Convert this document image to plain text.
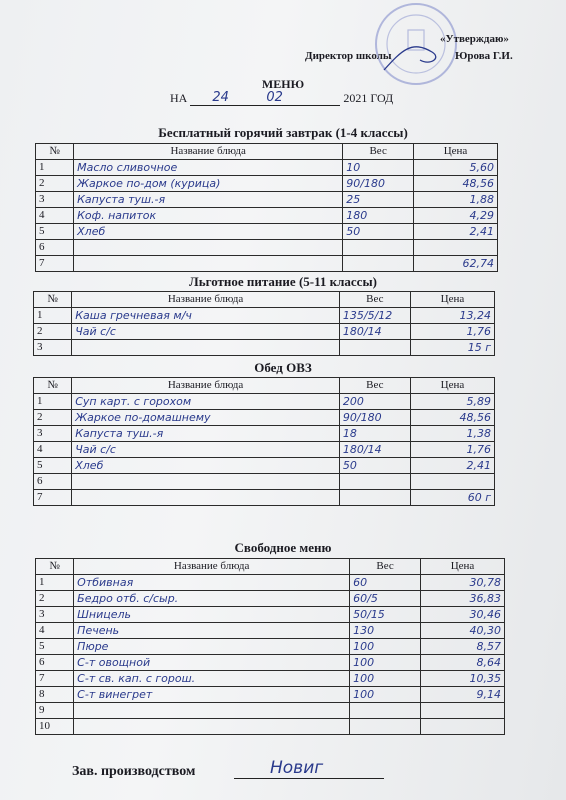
«Утверждаю»
Директор школы	Юрова Г.И.
МЕНЮ
НА 24	02	2021 ГОД
Бесплатный горячий завтрак (1-4 классы)
№	Название блюда	Вес	Цена
1	Масло сливочное	10	5,60
2	Жаркое по-дом (курица)	90/180	48,56
3	Капуста туш.-я	25	1,88
4	Коф. напиток	180	4,29
5	Хлеб	50	2,41
6			
7			62,74
Льготное питание (5-11 классы)
№	Название блюда	Вес	Цена
1	Каша гречневая м/ч	135/5/12	13,24
2	Чай с/с	180/14	1,76
3			15 г
Обед ОВЗ
№	Название блюда	Вес	Цена
1	Суп карт. с горохом	200	5,89
2	Жаркое по-домашнему	90/180	48,56
3	Капуста туш.-я	18	1,38
4	Чай с/с	180/14	1,76
5	Хлеб	50	2,41
6			
7			60 г
Свободное меню
№	Название блюда	Вес	Цена
1	Отбивная	60	30,78
2	Бедро отб. с/сыр.	60/5	36,83
3	Шницель	50/15	30,46
4	Печень	130	40,30
5	Пюре	100	8,57
6	С-т овощной	100	8,64
7	С-т св. кап. с горош.	100	10,35
8	С-т винегрет	100	9,14
9			
10			
Зав. производством	Новиг
